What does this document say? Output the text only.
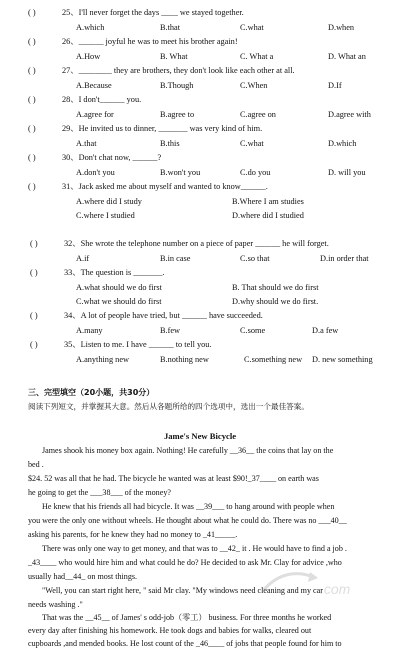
( )	25、I'll never forget the days ____ we stayed together.
A.which	B.that	C.what	D.when
( )	26、______ joyful he was to meet his brother again!
A.How	B. What	C. What a	D. What an
( )	27、________ they are brothers, they don't look like each other at all.
A.Because	B.Though	C.When	D.If
( )	28、I don't______ you.
A.agree for	B.agree to	C.agree on	D.agree with
( )	29、He invited us to dinner, _______ was very kind of him.
A.that	B.this	C.what	D.which
( )	30、Don't chat now, ______?
A.don't you	B.won't you	C.do you	D. will you
( )	31、Jack asked me about myself and wanted to know______.
A.where did I study	B.Where I am studies
C.where I studied	D.where did I studied
( )	32、She wrote the telephone number on a piece of paper ______ he will forget.
A.if	B.in case	C.so that	D.in order that
( )	33、The question is _______.
A.what should we do first	B. That should we do first
C.what we should do first	D.why should we do first.
( )	34、A lot of people have tried, but ______ have succeeded.
A.many	B.few	C.some	D.a few
( )	35、Listen to me. I have ______ to tell you.
A.anything new	B.nothing new	C.something new D. new something
三、完型填空（20小题，共30分）
阅读下列短文，并掌握其大意。然后从各题所给的四个选项中，选出一个最佳答案。
Jame's New Bicycle
James shook his money box again. Nothing! He carefully __36__ the coins that lay on the
bed .
$24. 52 was all that he had. The bicycle he wanted was at least $90!_37____ on earth was
he going to get the ___38___ of the money?
He knew that his friends all had bicycle. It was __39___ to hang around with people when
you were the only one without wheels. He thought about what he could do. There was no ___40__
asking his parents, for he knew they had no money to _41_____.
There was only one way to get money, and that was to __42_ it . He would have to find a job .
_43____ who would hire him and what could he do? He decided to ask Mr. Clay for advice ,who
usually had__44_ on most things.
"Well, you can start right here, " said Mr clay. "My windows need cleaning and my car
needs washing ."
That was the __45__ of James' s odd-job（零工） business. For three months he worked
every day after finishing his homework. He took dogs and babies for walks, cleared out
cupboards ,and mended books. He lost count of the _46____ of jobs that people found for him to
.com
